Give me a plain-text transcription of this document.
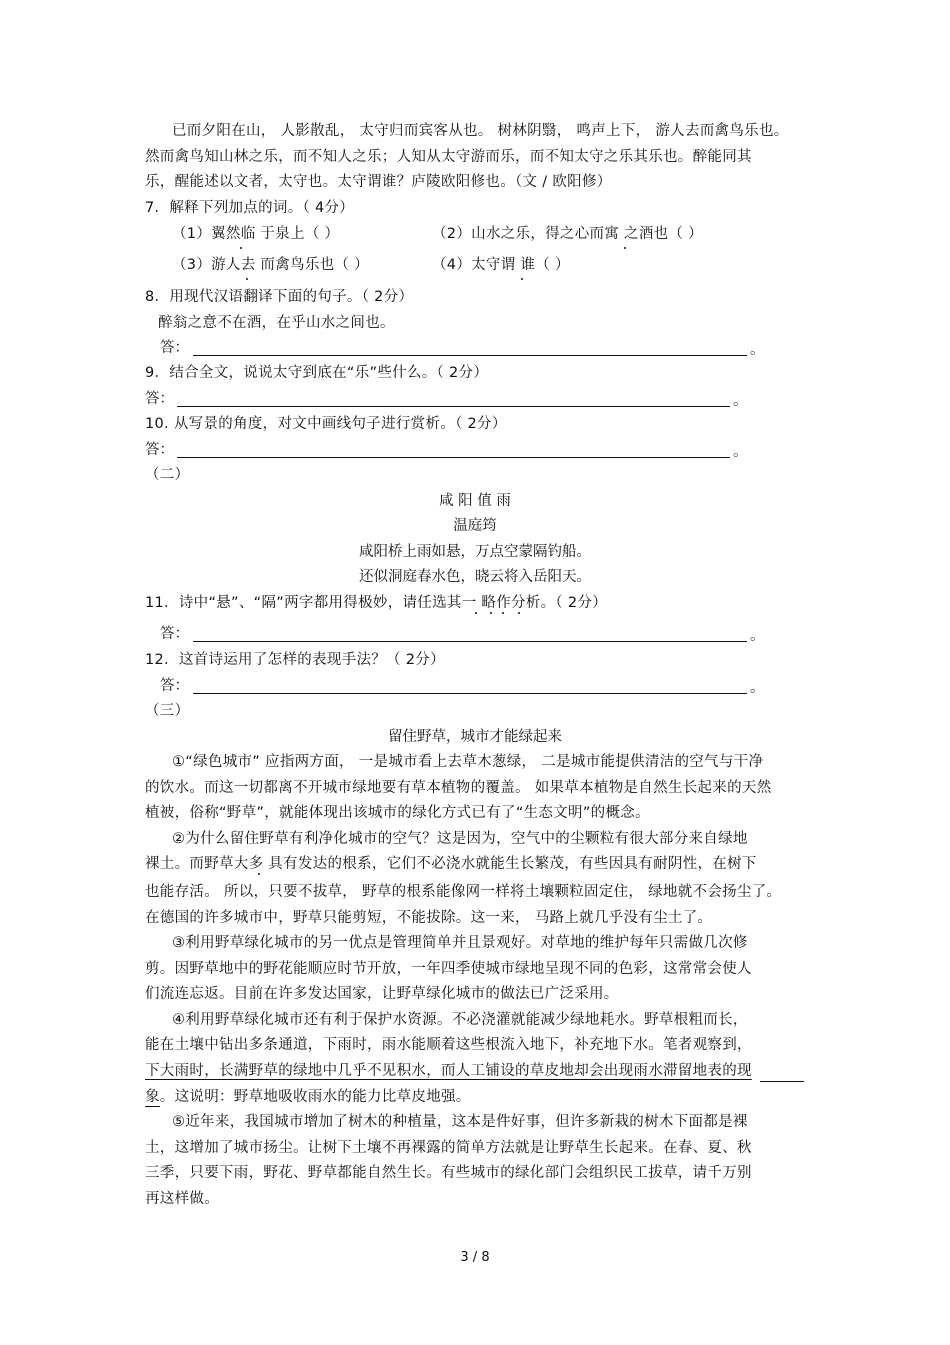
已而夕阳在山， 人影散乱， 太守归而宾客从也。 树林阴翳， 鸣声上下， 游人去而禽鸟乐也。
然而禽鸟知山林之乐，而不知人之乐；人知从太守游而乐，而不知太守之乐其乐也。醉能同其
乐，醒能述以文者，太守也。太守谓谁？庐陵欧阳修也。（文 / 欧阳修）
7．解释下列加点的词。（ 4分）
（1）翼然临 于泉上（ ）	（2）山水之乐，得之心而寓 之酒也（ ）
（3）游人去 而禽鸟乐也（ ）	（4）太守谓 谁（ ）
8．用现代汉语翻译下面的句子。（ 2分）
醉翁之意不在酒，在乎山水之间也。
答：	。
9．结合全文，说说太守到底在“乐”些什么。（ 2分）
答：	。
10. 从写景的角度，对文中画线句子进行赏析。（ 2分）
答：	。
（二）
咸 阳 值 雨
温庭筠
咸阳桥上雨如悬，万点空蒙隔钓船。
还似洞庭春水色，晓云将入岳阳天。
11．诗中“悬”、“隔”两字都用得极妙，请任选其一 略作分析。（ 2分）
答：	。
12．这首诗运用了怎样的表现手法？（ 2分）
答：	。
（三）
留住野草，城市才能绿起来
①“绿色城市” 应指两方面， 一是城市看上去草木葱绿， 二是城市能提供清洁的空气与干净
的饮水。而这一切都离不开城市绿地要有草本植物的覆盖。 如果草本植物是自然生长起来的天然
植被，俗称“野草”，就能体现出该城市的绿化方式已有了“生态文明”的概念。
②为什么留住野草有利净化城市的空气？这是因为，空气中的尘颗粒有很大部分来自绿地
裸土。而野草大多 具有发达的根系，它们不必浇水就能生长繁茂，有些因具有耐阴性，在树下
也能存活。 所以，只要不拔草， 野草的根系能像网一样将土壤颗粒固定住， 绿地就不会扬尘了。
在德国的许多城市中，野草只能剪短，不能拔除。这一来， 马路上就几乎没有尘土了。
③利用野草绿化城市的另一优点是管理简单并且景观好。对草地的维护每年只需做几次修
剪。因野草地中的野花能顺应时节开放，一年四季使城市绿地呈现不同的色彩，这常常会使人
们流连忘返。目前在许多发达国家，让野草绿化城市的做法已广泛采用。
④利用野草绿化城市还有利于保护水资源。不必浇灌就能减少绿地耗水。野草根粗而长，
能在土壤中钻出多条通道，下雨时，雨水能顺着这些根流入地下，补充地下水。笔者观察到，
下大雨时，长满野草的绿地中几乎不见积水，而人工铺设的草皮地却会出现雨水滞留地表的现
象。这说明：野草地吸收雨水的能力比草皮地强。
⑤近年来，我国城市增加了树木的种植量，这本是件好事，但许多新栽的树木下面都是裸
土，这增加了城市扬尘。让树下土壤不再裸露的简单方法就是让野草生长起来。在春、夏、秋
三季，只要下雨，野花、野草都能自然生长。有些城市的绿化部门会组织民工拔草，请千万别
再这样做。
3 / 8
